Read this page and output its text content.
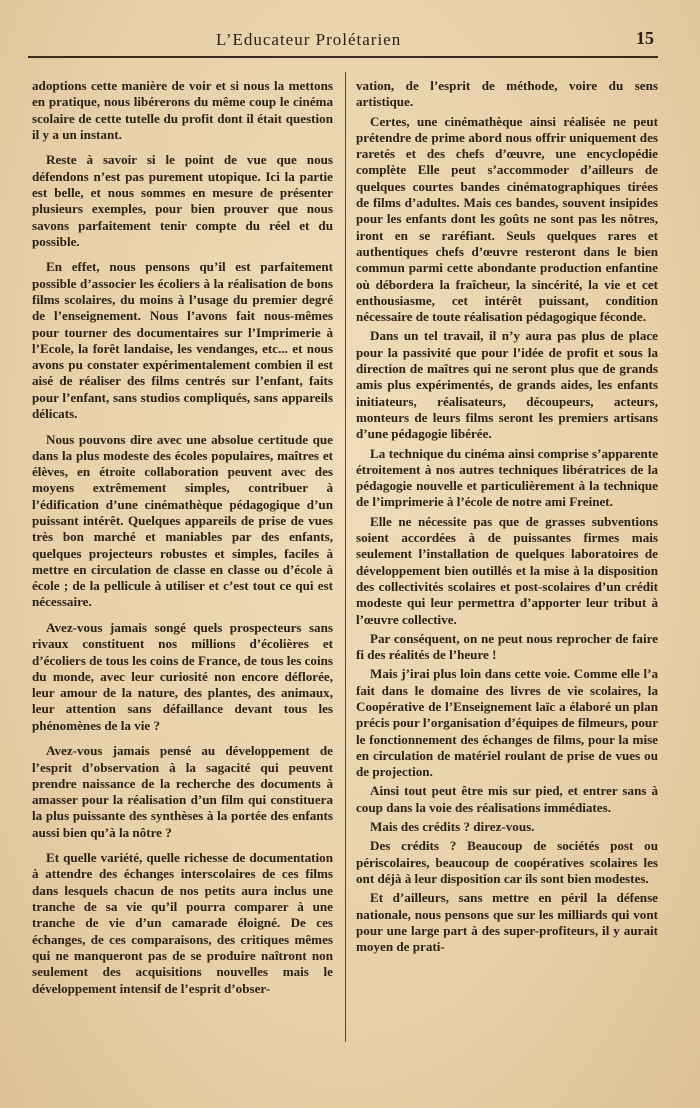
L’Educateur Prolétarien	15

adoptions cette manière de voir et si nous la mettons en pratique, nous libérerons du même coup le cinéma scolaire de cette tutelle du profit dont il était question il y a un instant.

Reste à savoir si le point de vue que nous défendons n’est pas purement utopique. Ici la partie est belle, et nous sommes en mesure de présenter plusieurs exemples, pour bien prouver que nous savons parfaitement tenir compte du réel et du possible.

En effet, nous pensons qu’il est parfaitement possible d’associer les écoliers à la réalisation de bons films scolaires, du moins à l’usage du premier degré de l’enseignement. Nous l’avons fait nous-mêmes pour tourner des documentaires sur l’Imprimerie à l’Ecole, la forêt landaise, les vendanges, etc... et nous avons pu constater expérimentalement combien il est aisé de réaliser des films centrés sur l’enfant, faits pour l’enfant, sans studios compliqués, sans appareils délicats.

Nous pouvons dire avec une absolue certitude que dans la plus modeste des écoles populaires, maîtres et élèves, en étroite collaboration peuvent avec des moyens extrêmement simples, contribuer à l’édification d’une cinémathèque pédagogique d’un puissant intérêt. Quelques appareils de prise de vues très bon marché et maniables par des enfants, quelques projecteurs robustes et simples, faciles à mettre en circulation de classe en classe ou d’école à école ; de la pellicule à utiliser et c’est tout ce qui est nécessaire.

Avez-vous jamais songé quels prospecteurs sans rivaux constituent nos millions d’écolières et d’écoliers de tous les coins de France, de tous les coins du monde, avec leur curiosité non encore déflorée, leur amour de la nature, des plantes, des animaux, leur attention sans défaillance devant tous les phénomènes de la vie ?

Avez-vous jamais pensé au développement de l’esprit d’observation à la sagacité qui peuvent prendre naissance de la recherche des documents à amasser pour la réalisation d’un film qui constituera la plus puissante des synthèses à la portée des enfants aussi bien qu’à la nôtre ?

Et quelle variété, quelle richesse de documentation à attendre des échanges interscolaires de ces films dans lesquels chacun de nos petits aura inclus une tranche de sa vie qu’il pourra comparer à une tranche de vie d’un camarade éloigné. De ces échanges, de ces comparaisons, des critiques mêmes qui ne manqueront pas de se produire naîtront non seulement des acquisitions nouvelles mais le développement intensif de l’esprit d’obser-

vation, de l’esprit de méthode, voire du sens artistique.

Certes, une cinémathèque ainsi réalisée ne peut prétendre de prime abord nous offrir uniquement des raretés et des chefs d’œuvre, une encyclopédie complète Elle peut s’accommoder d’ailleurs de quelques courtes bandes cinématographiques tirées de films d’adultes. Mais ces bandes, souvent insipides pour les enfants dont les goûts ne sont pas les nôtres, iront en se raréfiant. Seuls quelques rares et authentiques chefs d’œuvre resteront dans le bien commun parmi cette abondante production enfantine où débordera la fraîcheur, la sincérité, la vie et cet enthousiasme, cet intérêt puissant, condition nécessaire de toute réalisation pédagogique féconde.

Dans un tel travail, il n’y aura pas plus de place pour la passivité que pour l’idée de profit et sous la direction de maîtres qui ne seront plus que de grands amis plus expérimentés, de grands aides, les enfants initiateurs, réalisateurs, découpeurs, acteurs, monteurs de leurs films seront les premiers artisans d’une pédagogie libérée.

La technique du cinéma ainsi comprise s’apparente étroitement à nos autres techniques libératrices de la pédagogie nouvelle et particulièrement à la technique de l’imprimerie à l’école de notre ami Freinet.

Elle ne nécessite pas que de grasses subventions soient accordées à de puissantes firmes mais seulement l’installation de quelques laboratoires de développement bien outillés et la mise à la disposition des collectivités scolaires et post-scolaires d’un crédit modeste qui leur permettra d’apporter leur tribut à l’œuvre collective.

Par conséquent, on ne peut nous reprocher de faire fi des réalités de l’heure !

Mais j’irai plus loin dans cette voie. Comme elle l’a fait dans le domaine des livres de vie scolaires, la Coopérative de l’Enseignement laïc a élaboré un plan précis pour l’organisation d’équipes de filmeurs, pour le fonctionnement des échanges de films, pour la mise en circulation de matériel roulant de prise de vues ou de projection.

Ainsi tout peut être mis sur pied, et entrer sans à coup dans la voie des réalisations immédiates.

Mais des crédits ? direz-vous.

Des crédits ? Beaucoup de sociétés post ou périscolaires, beaucoup de coopératives scolaires les ont déjà à leur disposition car ils sont bien modestes.

Et d’ailleurs, sans mettre en péril la défense nationale, nous pensons que sur les milliards qui vont pour une large part à des super-profiteurs, il y aurait moyen de prati-
